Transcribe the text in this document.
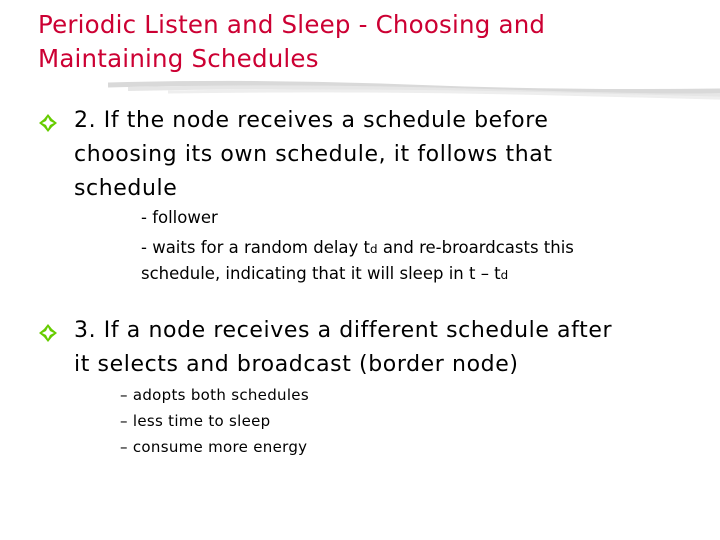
Periodic Listen and Sleep - Choosing and
Maintaining Schedules
2. If the node receives a schedule before
choosing its own schedule, it follows that
schedule
- follower
- waits for a random delay td and re-broardcasts this
schedule, indicating that it will sleep in t – td
3. If a node receives a different schedule after
it selects and broadcast (border node)
– adopts both schedules
– less time to sleep
– consume more energy
